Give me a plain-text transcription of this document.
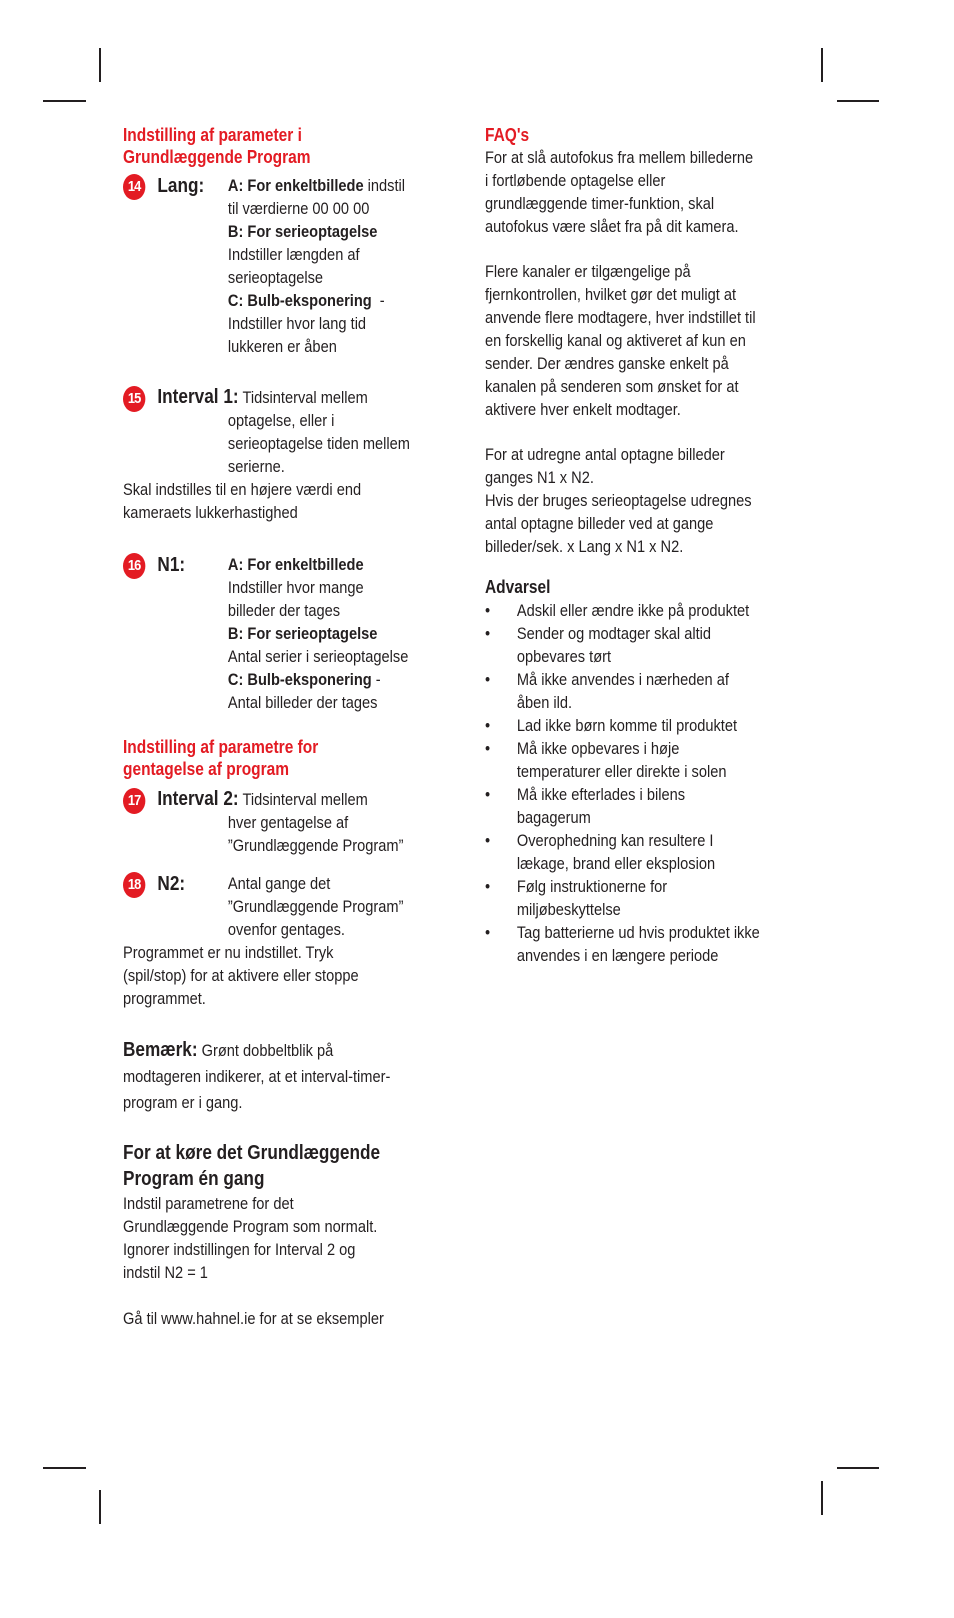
Indstilling af parameter i
Grundlæggende Program
14 Lang: A: For enkeltbillede indstil
til værdierne 00 00 00
B: For serieoptagelse
Indstiller længden af
serieoptagelse
C: Bulb-eksponering  -
Indstiller hvor lang tid
lukkeren er åben
15 Interval 1: Tidsinterval mellem
optagelse, eller i
serieoptagelse tiden mellem
serierne.
Skal indstilles til en højere værdi end
kameraets lukkerhastighed
16 N1:	A: For enkeltbillede
Indstiller hvor mange
billeder der tages
B: For serieoptagelse
Antal serier i serieoptagelse
C: Bulb-eksponering -
Antal billeder der tages
Indstilling af parametre for
gentagelse af program
17 Interval 2: Tidsinterval mellem
hver gentagelse af
”Grundlæggende Program”
18 N2:	Antal gange det
”Grundlæggende Program”
ovenfor gentages.
Programmet er nu indstillet. Tryk
(spil/stop) for at aktivere eller stoppe
programmet.
Bemærk: Grønt dobbeltblik på
modtageren indikerer, at et interval-timer-
program er i gang.
For at køre det Grundlæggende
Program én gang
Indstil parametrene for det
Grundlæggende Program som normalt.
Ignorer indstillingen for Interval 2 og
indstil N2 = 1
Gå til www.hahnel.ie for at se eksempler
FAQ's
For at slå autofokus fra mellem billederne
i fortløbende optagelse eller
grundlæggende timer-funktion, skal
autofokus være slået fra på dit kamera.
Flere kanaler er tilgængelige på
fjernkontrollen, hvilket gør det muligt at
anvende flere modtagere, hver indstillet til
en forskellig kanal og aktiveret af kun en
sender. Der ændres ganske enkelt på
kanalen på senderen som ønsket for at
aktivere hver enkelt modtager.
For at udregne antal optagne billeder
ganges N1 x N2.
Hvis der bruges serieoptagelse udregnes
antal optagne billeder ved at gange
billeder/sek. x Lang x N1 x N2.
Advarsel
• Adskil eller ændre ikke på produktet
• Sender og modtager skal altid
opbevares tørt
• Må ikke anvendes i nærheden af
åben ild.
• Lad ikke børn komme til produktet
• Må ikke opbevares i høje
temperaturer eller direkte i solen
• Må ikke efterlades i bilens
bagagerum
• Overophedning kan resultere I
lækage, brand eller eksplosion
• Følg instruktionerne for
miljøbeskyttelse
• Tag batterierne ud hvis produktet ikke
anvendes i en længere periode
